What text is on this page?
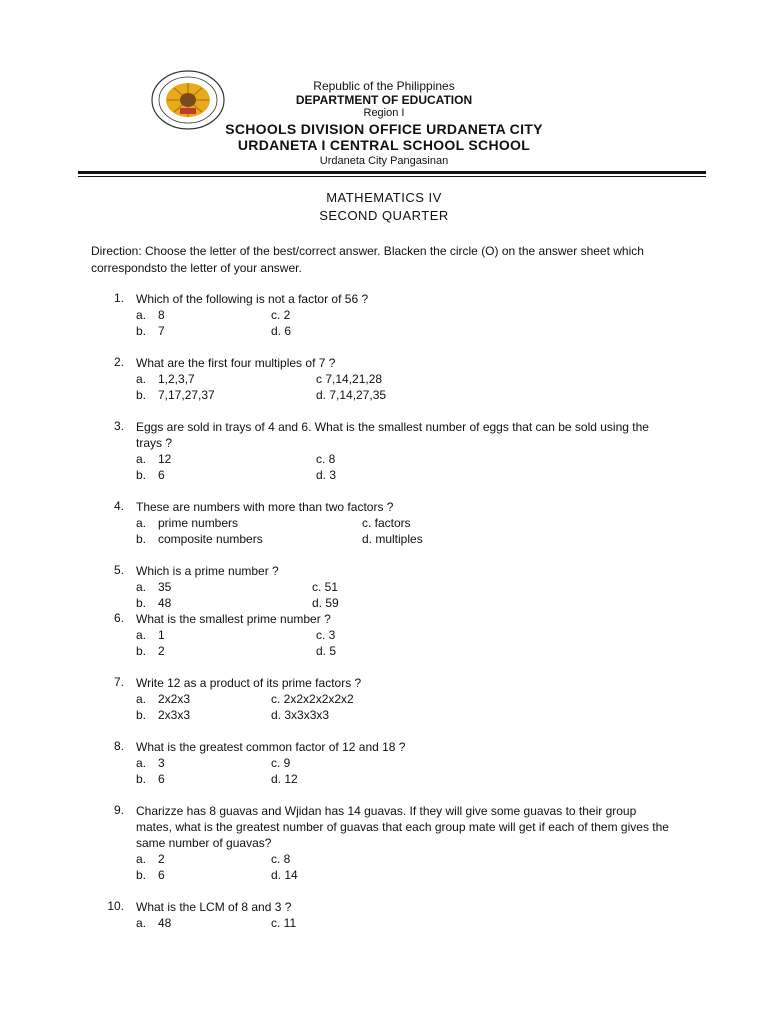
Republic of the Philippines
DEPARTMENT OF EDUCATION
Region I
SCHOOLS DIVISION OFFICE URDANETA CITY
URDANETA I CENTRAL SCHOOL SCHOOL
Urdaneta City Pangasinan
MATHEMATICS IV
SECOND QUARTER
Direction: Choose the letter of the best/correct answer. Blacken the circle (O) on the answer sheet which correspondsto the letter of your answer.
1. Which of the following is not a factor of 56 ?
a. 8	c. 2
b. 7	d. 6
2. What are the first four multiples of 7 ?
a. 1,2,3,7	c 7,14,21,28
b. 7,17,27,37	d. 7,14,27,35
3. Eggs are sold in trays of 4 and 6. What is the smallest number of eggs that can be sold using the trays ?
a. 12	c. 8
b. 6	d. 3
4. These are numbers with more than two factors ?
a. prime numbers	c. factors
b. composite numbers	d. multiples
5. Which is a prime number ?
a. 35	c. 51
b. 48	d. 59
6. What is the smallest prime number ?
a. 1	c. 3
b. 2	d. 5
7. Write 12 as a product of its prime factors ?
a. 2x2x3	c. 2x2x2x2x2x2
b. 2x3x3	d. 3x3x3x3
8. What is the greatest common factor of 12 and 18 ?
a. 3	c. 9
b. 6	d. 12
9. Charizze has 8 guavas and Wjidan has 14 guavas. If they will give some guavas to their group mates, what is the greatest number of guavas that each group mate will get if each of them gives the same number of guavas?
a. 2	c. 8
b. 6	d. 14
10. What is the LCM of 8 and 3 ?
a. 48	c. 11
